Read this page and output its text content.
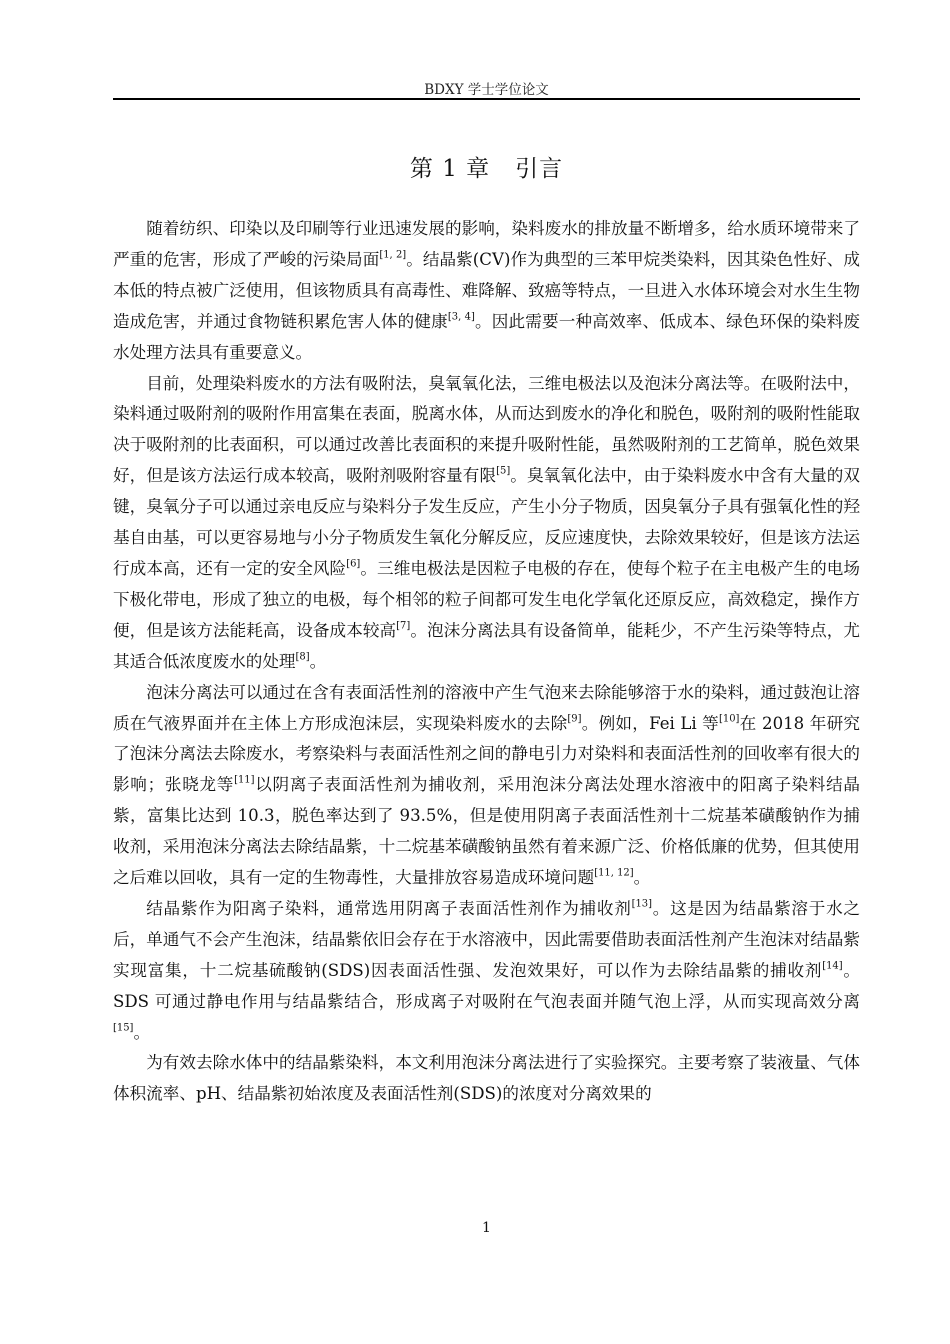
BDXY 学士学位论文
第 1 章 引言

随着纺织、印染以及印刷等行业迅速发展的影响，染料废水的排放量不断增多，给水质环境带来了严重的危害，形成了严峻的污染局面[1, 2]。结晶紫(CV)作为典型的三苯甲烷类染料，因其染色性好、成本低的特点被广泛使用，但该物质具有高毒性、难降解、致癌等特点，一旦进入水体环境会对水生生物造成危害，并通过食物链积累危害人体的健康[3, 4]。因此需要一种高效率、低成本、绿色环保的染料废水处理方法具有重要意义。

目前，处理染料废水的方法有吸附法，臭氧氧化法，三维电极法以及泡沫分离法等。在吸附法中，染料通过吸附剂的吸附作用富集在表面，脱离水体，从而达到废水的净化和脱色，吸附剂的吸附性能取决于吸附剂的比表面积，可以通过改善比表面积的来提升吸附性能，虽然吸附剂的工艺简单，脱色效果好，但是该方法运行成本较高，吸附剂吸附容量有限[5]。臭氧氧化法中，由于染料废水中含有大量的双键，臭氧分子可以通过亲电反应与染料分子发生反应，产生小分子物质，因臭氧分子具有强氧化性的羟基自由基，可以更容易地与小分子物质发生氧化分解反应，反应速度快，去除效果较好，但是该方法运行成本高，还有一定的安全风险[6]。三维电极法是因粒子电极的存在，使每个粒子在主电极产生的电场下极化带电，形成了独立的电极，每个相邻的粒子间都可发生电化学氧化还原反应，高效稳定，操作方便，但是该方法能耗高，设备成本较高[7]。泡沫分离法具有设备简单，能耗少，不产生污染等特点，尤其适合低浓度废水的处理[8]。

泡沫分离法可以通过在含有表面活性剂的溶液中产生气泡来去除能够溶于水的染料，通过鼓泡让溶质在气液界面并在主体上方形成泡沫层，实现染料废水的去除[9]。例如，Fei Li 等[10]在 2018 年研究了泡沫分离法去除废水，考察染料与表面活性剂之间的静电引力对染料和表面活性剂的回收率有很大的影响；张晓龙等[11]以阴离子表面活性剂为捕收剂，采用泡沫分离法处理水溶液中的阳离子染料结晶紫，富集比达到 10.3，脱色率达到了 93.5%，但是使用阴离子表面活性剂十二烷基苯磺酸钠作为捕收剂，采用泡沫分离法去除结晶紫，十二烷基苯磺酸钠虽然有着来源广泛、价格低廉的优势，但其使用之后难以回收，具有一定的生物毒性，大量排放容易造成环境问题[11, 12]。

结晶紫作为阳离子染料，通常选用阴离子表面活性剂作为捕收剂[13]。这是因为结晶紫溶于水之后，单通气不会产生泡沫，结晶紫依旧会存在于水溶液中，因此需要借助表面活性剂产生泡沫对结晶紫实现富集，十二烷基硫酸钠(SDS)因表面活性强、发泡效果好，可以作为去除结晶紫的捕收剂[14]。SDS 可通过静电作用与结晶紫结合，形成离子对吸附在气泡表面并随气泡上浮，从而实现高效分离[15]。

为有效去除水体中的结晶紫染料，本文利用泡沫分离法进行了实验探究。主要考察了装液量、气体体积流率、pH、结晶紫初始浓度及表面活性剂(SDS)的浓度对分离效果的

1
